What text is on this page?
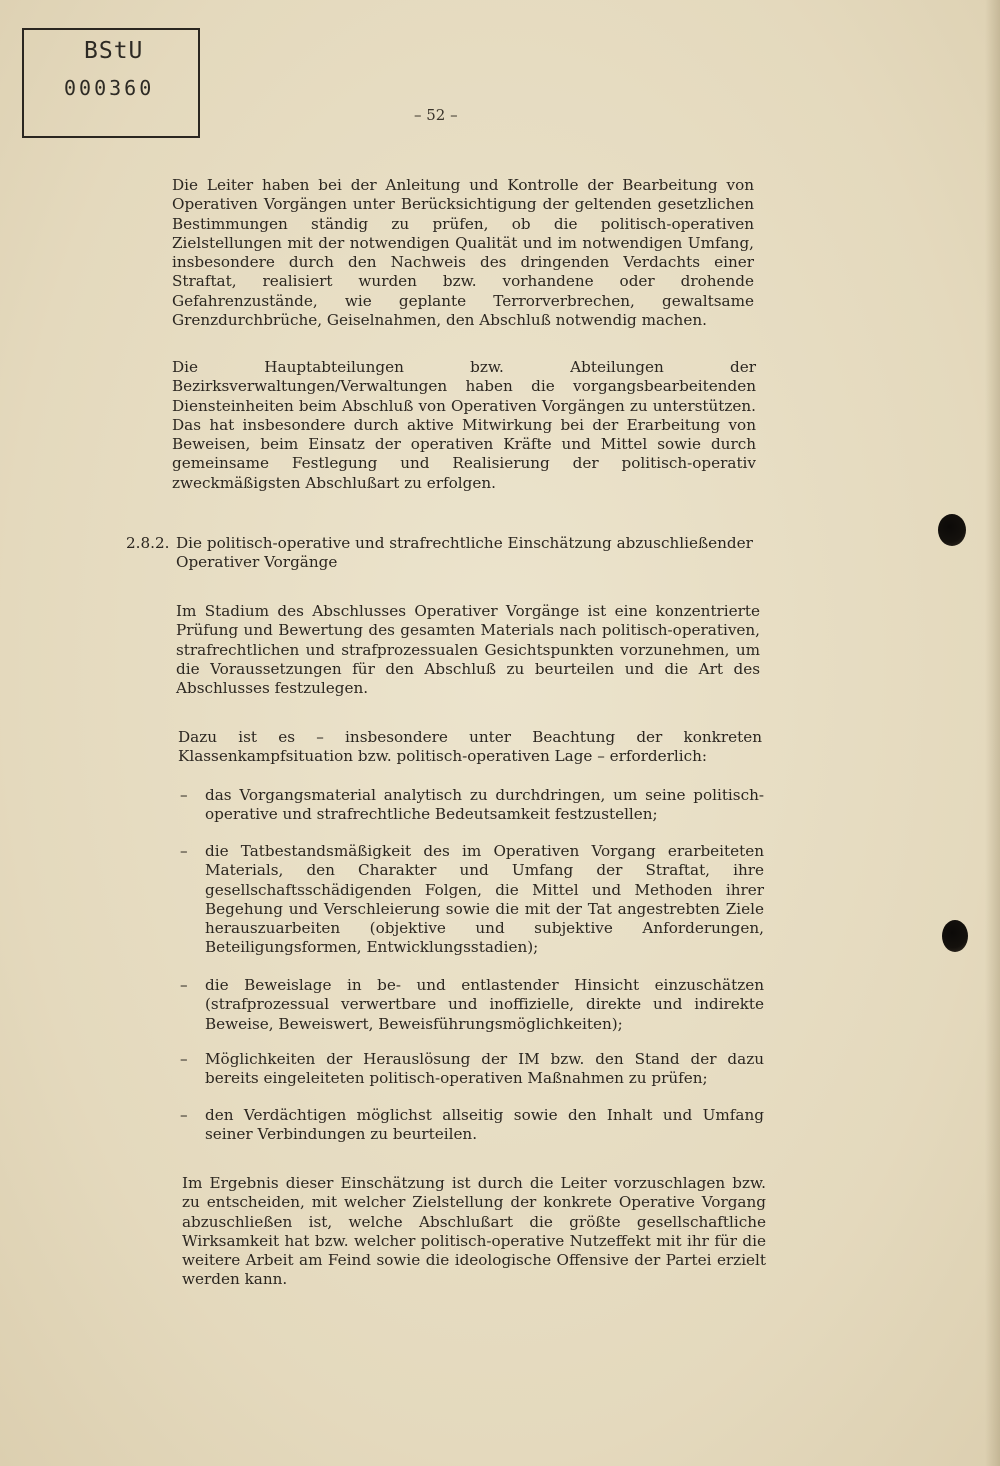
BStU
000360
– 52 –

Die Leiter haben bei der Anleitung und Kontrolle der Bearbeitung von Operativen Vorgängen unter Berücksichtigung der geltenden gesetzlichen Bestimmungen ständig zu prüfen, ob die politisch-operativen Zielstellungen mit der notwendigen Qualität und im notwendigen Umfang, insbesondere durch den Nachweis des dringenden Verdachts einer Straftat, realisiert wurden bzw. vorhandene oder drohende Gefahrenzustände, wie geplante Terrorverbrechen, gewaltsame Grenzdurchbrüche, Geiselnahmen, den Abschluß notwendig machen.

Die Hauptabteilungen bzw. Abteilungen der Bezirksverwaltungen/Verwaltungen haben die vorgangsbearbeitenden Diensteinheiten beim Abschluß von Operativen Vorgängen zu unterstützen. Das hat insbesondere durch aktive Mitwirkung bei der Erarbeitung von Beweisen, beim Einsatz der operativen Kräfte und Mittel sowie durch gemeinsame Festlegung und Realisierung der politisch-operativ zweckmäßigsten Abschlußart zu erfolgen.

2.8.2. Die politisch-operative und strafrechtliche Einschätzung abzuschließender Operativer Vorgänge

Im Stadium des Abschlusses Operativer Vorgänge ist eine konzentrierte Prüfung und Bewertung des gesamten Materials nach politisch-operativen, strafrechtlichen und strafprozessualen Gesichtspunkten vorzunehmen, um die Voraussetzungen für den Abschluß zu beurteilen und die Art des Abschlusses festzulegen.

Dazu ist es – insbesondere unter Beachtung der konkreten Klassenkampfsituation bzw. politisch-operativen Lage – erforderlich:

–	das Vorgangsmaterial analytisch zu durchdringen, um seine politisch-operative und strafrechtliche Bedeutsamkeit festzustellen;
–	die Tatbestandsmäßigkeit des im Operativen Vorgang erarbeiteten Materials, den Charakter und Umfang der Straftat, ihre gesellschaftsschädigenden Folgen, die Mittel und Methoden ihrer Begehung und Verschleierung sowie die mit der Tat angestrebten Ziele herauszuarbeiten (objektive und subjektive Anforderungen, Beteiligungsformen, Entwicklungsstadien);
–	die Beweislage in be- und entlastender Hinsicht einzuschätzen (strafprozessual verwertbare und inoffizielle, direkte und indirekte Beweise, Beweiswert, Beweisführungsmöglichkeiten);
–	Möglichkeiten der Herauslösung der IM bzw. den Stand der dazu bereits eingeleiteten politisch-operativen Maßnahmen zu prüfen;
–	den Verdächtigen möglichst allseitig sowie den Inhalt und Umfang seiner Verbindungen zu beurteilen.

Im Ergebnis dieser Einschätzung ist durch die Leiter vorzuschlagen bzw. zu entscheiden, mit welcher Zielstellung der konkrete Operative Vorgang abzuschließen ist, welche Abschlußart die größte gesellschaftliche Wirksamkeit hat bzw. welcher politisch-operative Nutzeffekt mit ihr für die weitere Arbeit am Feind sowie die ideologische Offensive der Partei erzielt werden kann.
